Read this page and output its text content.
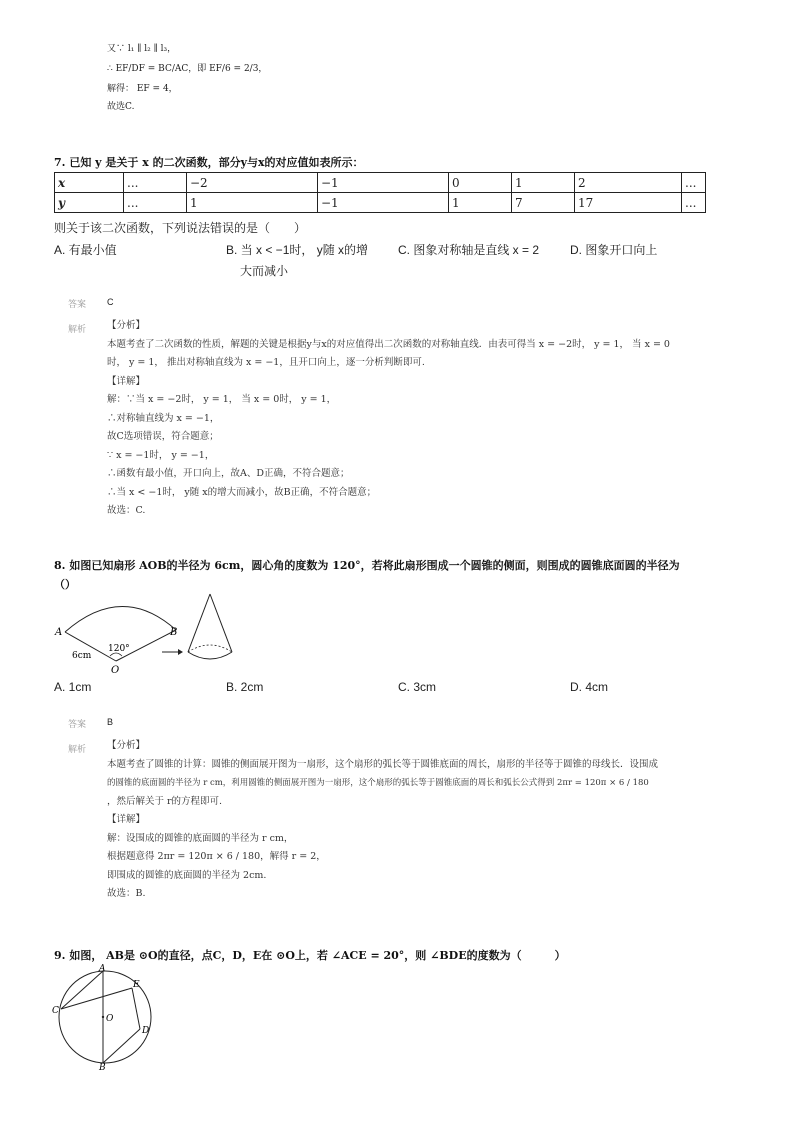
又∵ l₁ ∥ l₂ ∥ l₃，
∴ EF/DF = BC/AC，即 EF/6 = 2/3，
解得： EF = 4，
故选C.
7. 已知 y 是关于 x 的二次函数，部分y与x的对应值如表所示：
x	...	−2	−1	0	1	2	...
y	...	1	−1	1	7	17	...
则关于该二次函数，下列说法错误的是（　　）
A. 有最小值	B. 当 x < −1时， y随 x的增
大而减小
C. 图象对称轴是直线 x = 2	D. 图象开口向上
答案 C
解析 【分析】
本题考查了二次函数的性质，解题的关键是根据y与x的对应值得出二次函数的对称轴直线．由表可得当 x = −2时， y = 1， 当 x = 0
时， y = 1， 推出对称轴直线为 x = −1，且开口向上，逐一分析判断即可.
【详解】
解：∵当 x = −2时， y = 1， 当 x = 0时， y = 1，
∴对称轴直线为 x = −1，
故C选项错误，符合题意；
∵ x = −1时， y = −1，
∴函数有最小值，开口向上，故A、D正确，不符合题意；
∴当 x < −1时， y随 x的增大而减小，故B正确，不符合题意；
故选：C.
8. 如图已知扇形 AOB的半径为 6cm，圆心角的度数为 120°，若将此扇形围成一个圆锥的侧面，则围成的圆锥底面圆的半径为
（）
A	B
O
6cm
120°
A. 1cm	B. 2cm	C. 3cm	D. 4cm
答案 B
解析 【分析】
本题考查了圆锥的计算：圆锥的侧面展开图为一扇形，这个扇形的弧长等于圆锥底面的周长，扇形的半径等于圆锥的母线长．设围成
的圆锥的底面圆的半径为 r cm，利用圆锥的侧面展开图为一扇形，这个扇形的弧长等于圆锥底面的周长和弧长公式得到 2πr = 120π × 6 / 180
，然后解关于 r的方程即可.
【详解】
解：设围成的圆锥的底面圆的半径为 r cm，
根据题意得 2πr = 120π × 6 / 180，解得 r = 2，
即围成的圆锥的底面圆的半径为 2cm.
故选：B.
9. 如图， AB是 ⊙O的直径，点C，D，E在 ⊙O上，若 ∠ACE = 20°，则 ∠BDE的度数为（　　　）
A
B
C
D
E
O
